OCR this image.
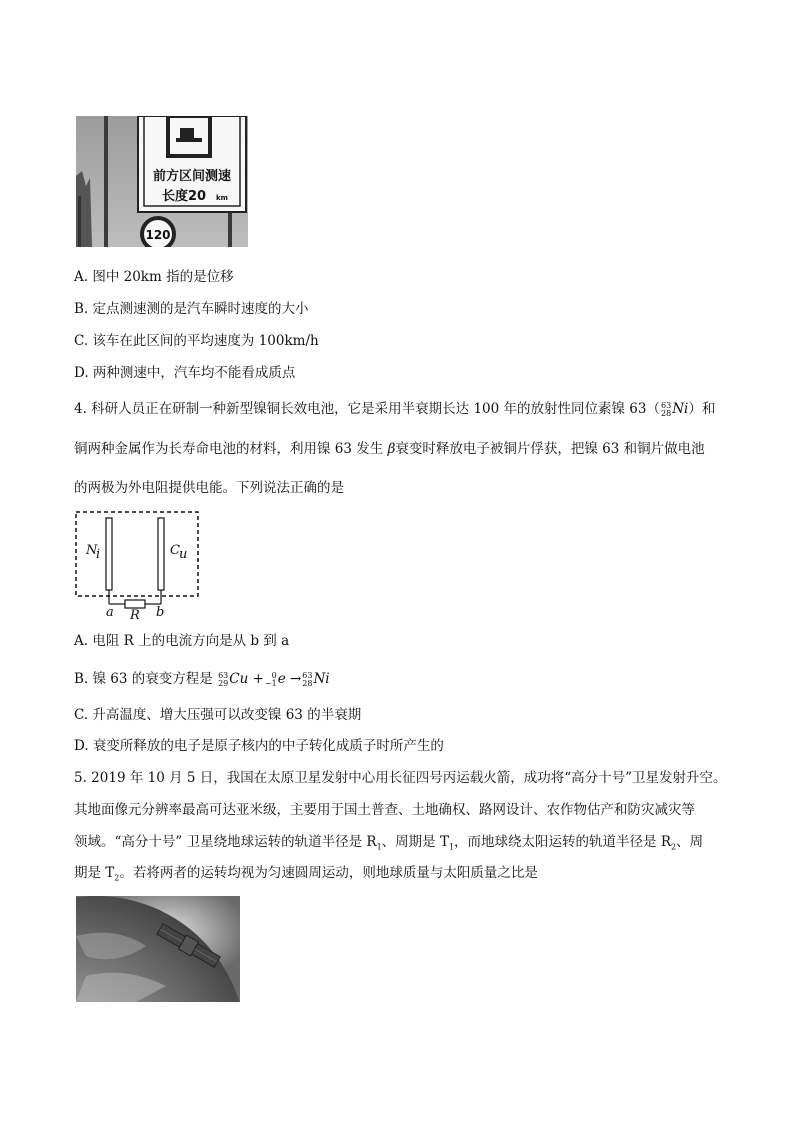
前方区间测速
长度20 km
120
A. 图中 20km 指的是位移
B. 定点测速测的是汽车瞬时速度的大小
C. 该车在此区间的平均速度为 100km/h
D. 两种测速中，汽车均不能看成质点
4. 科研人员正在研制一种新型镍铜长效电池，它是采用半衰期长达 100 年的放射性同位素镍 63（ 63
28 Ni）和
铜两种金属作为长寿命电池的材料，利用镍 63 发生 β衰变时释放电子被铜片俘获，把镍 63 和铜片做电池
的两极为外电阻提供电能。下列说法正确的是
N
i	C u
a R b
A. 电阻 R 上的电流方向是从 b 到 a
B. 镍 63 的衰变方程是 63
29 Cu + 0
−1 e → 63
28 Ni
C. 升高温度、增大压强可以改变镍 63 的半衰期
D. 衰变所释放的电子是原子核内的中子转化成质子时所产生的
5. 2019 年 10 月 5 日，我国在太原卫星发射中心用长征四号丙运载火箭，成功将“高分十号”卫星发射升空。
其地面像元分辨率最高可达亚米级，主要用于国土普查、土地确权、路网设计、农作物估产和防灾减灾等
领域。“高分十号” 卫星绕地球运转的轨道半径是 $R_1$、周期是 $T_1$，而地球绕太阳运转的轨道半径是 $R_2$、周
期是 $T_2$。若将两者的运转均视为匀速圆周运动，则地球质量与太阳质量之比是
